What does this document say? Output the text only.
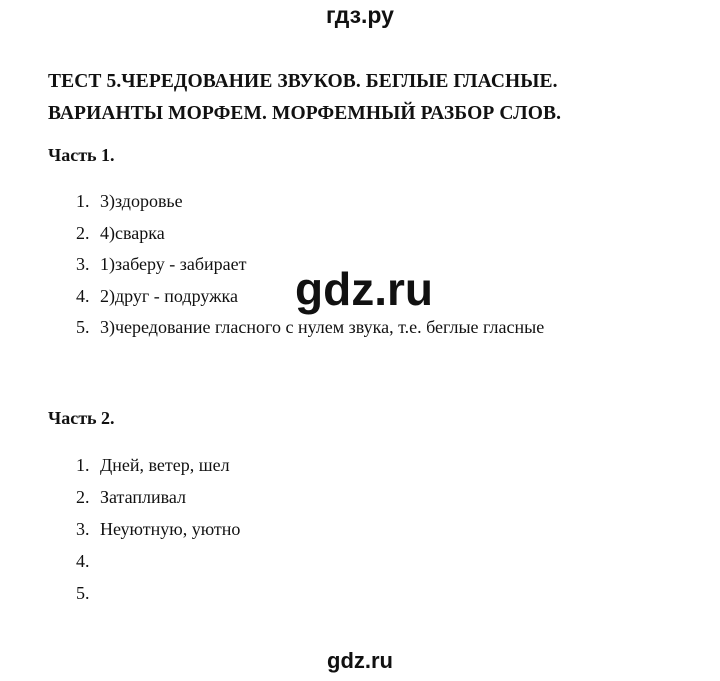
гдз.ру
ТЕСТ 5.ЧЕРЕДОВАНИЕ ЗВУКОВ. БЕГЛЫЕ ГЛАСНЫЕ.
ВАРИАНТЫ МОРФЕМ. МОРФЕМНЫЙ РАЗБОР СЛОВ.
Часть 1.
1. 3)здоровье
2. 4)сварка
3. 1)заберу - забирает
4. 2)друг - подружка
5. 3)чередование гласного с нулем звука, т.е. беглые гласные
Часть 2.
1. Дней, ветер, шел
2. Затапливал
3. Неуютную, уютно
4.
5.
gdz.ru
gdz.ru
